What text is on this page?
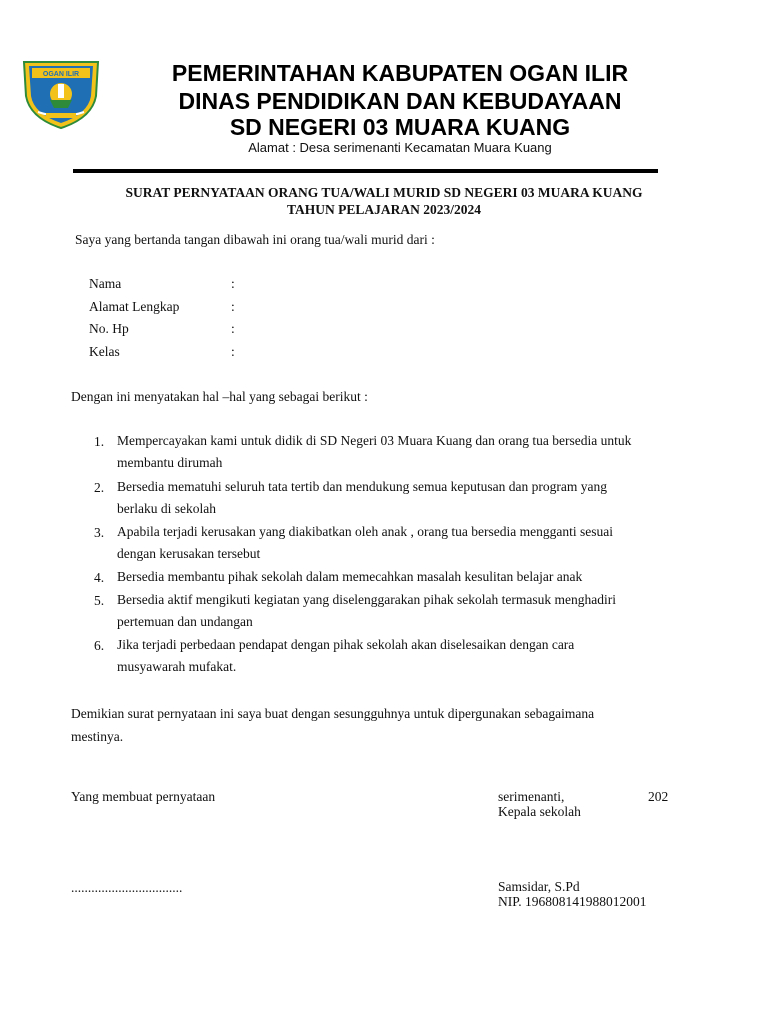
OGAN ILIR	PEMERINTAHAN KABUPATEN OGAN ILIR
DINAS PENDIDIKAN DAN KEBUDAYAAN
SD NEGERI 03 MUARA KUANG
Alamat : Desa serimenanti Kecamatan Muara Kuang
SURAT PERNYATAAN ORANG TUA/WALI MURID SD NEGERI 03 MUARA KUANG
TAHUN PELAJARAN 2023/2024
Saya yang bertanda tangan dibawah ini orang tua/wali murid dari :
Nama	:
Alamat Lengkap	:
No. Hp	:
Kelas	:
Dengan ini menyatakan hal –hal yang sebagai berikut :
1. Mempercayakan kami untuk didik di SD Negeri 03 Muara Kuang dan orang tua bersedia untuk
membantu dirumah
2. Bersedia mematuhi seluruh tata tertib dan mendukung semua keputusan dan program yang
berlaku di sekolah
3. Apabila terjadi kerusakan yang diakibatkan oleh anak , orang tua bersedia mengganti sesuai
dengan kerusakan tersebut
4. Bersedia membantu pihak sekolah dalam memecahkan masalah kesulitan belajar anak
5. Bersedia aktif mengikuti kegiatan yang diselenggarakan pihak sekolah termasuk menghadiri
pertemuan dan undangan
6. Jika terjadi perbedaan pendapat dengan pihak sekolah akan diselesaikan dengan cara
musyawarah mufakat.
Demikian surat pernyataan ini saya buat dengan sesungguhnya untuk dipergunakan sebagaimana
mestinya.
Yang membuat pernyataan	serimenanti,	202
Kepala sekolah
.................................	Samsidar, S.Pd
NIP. 196808141988012001
